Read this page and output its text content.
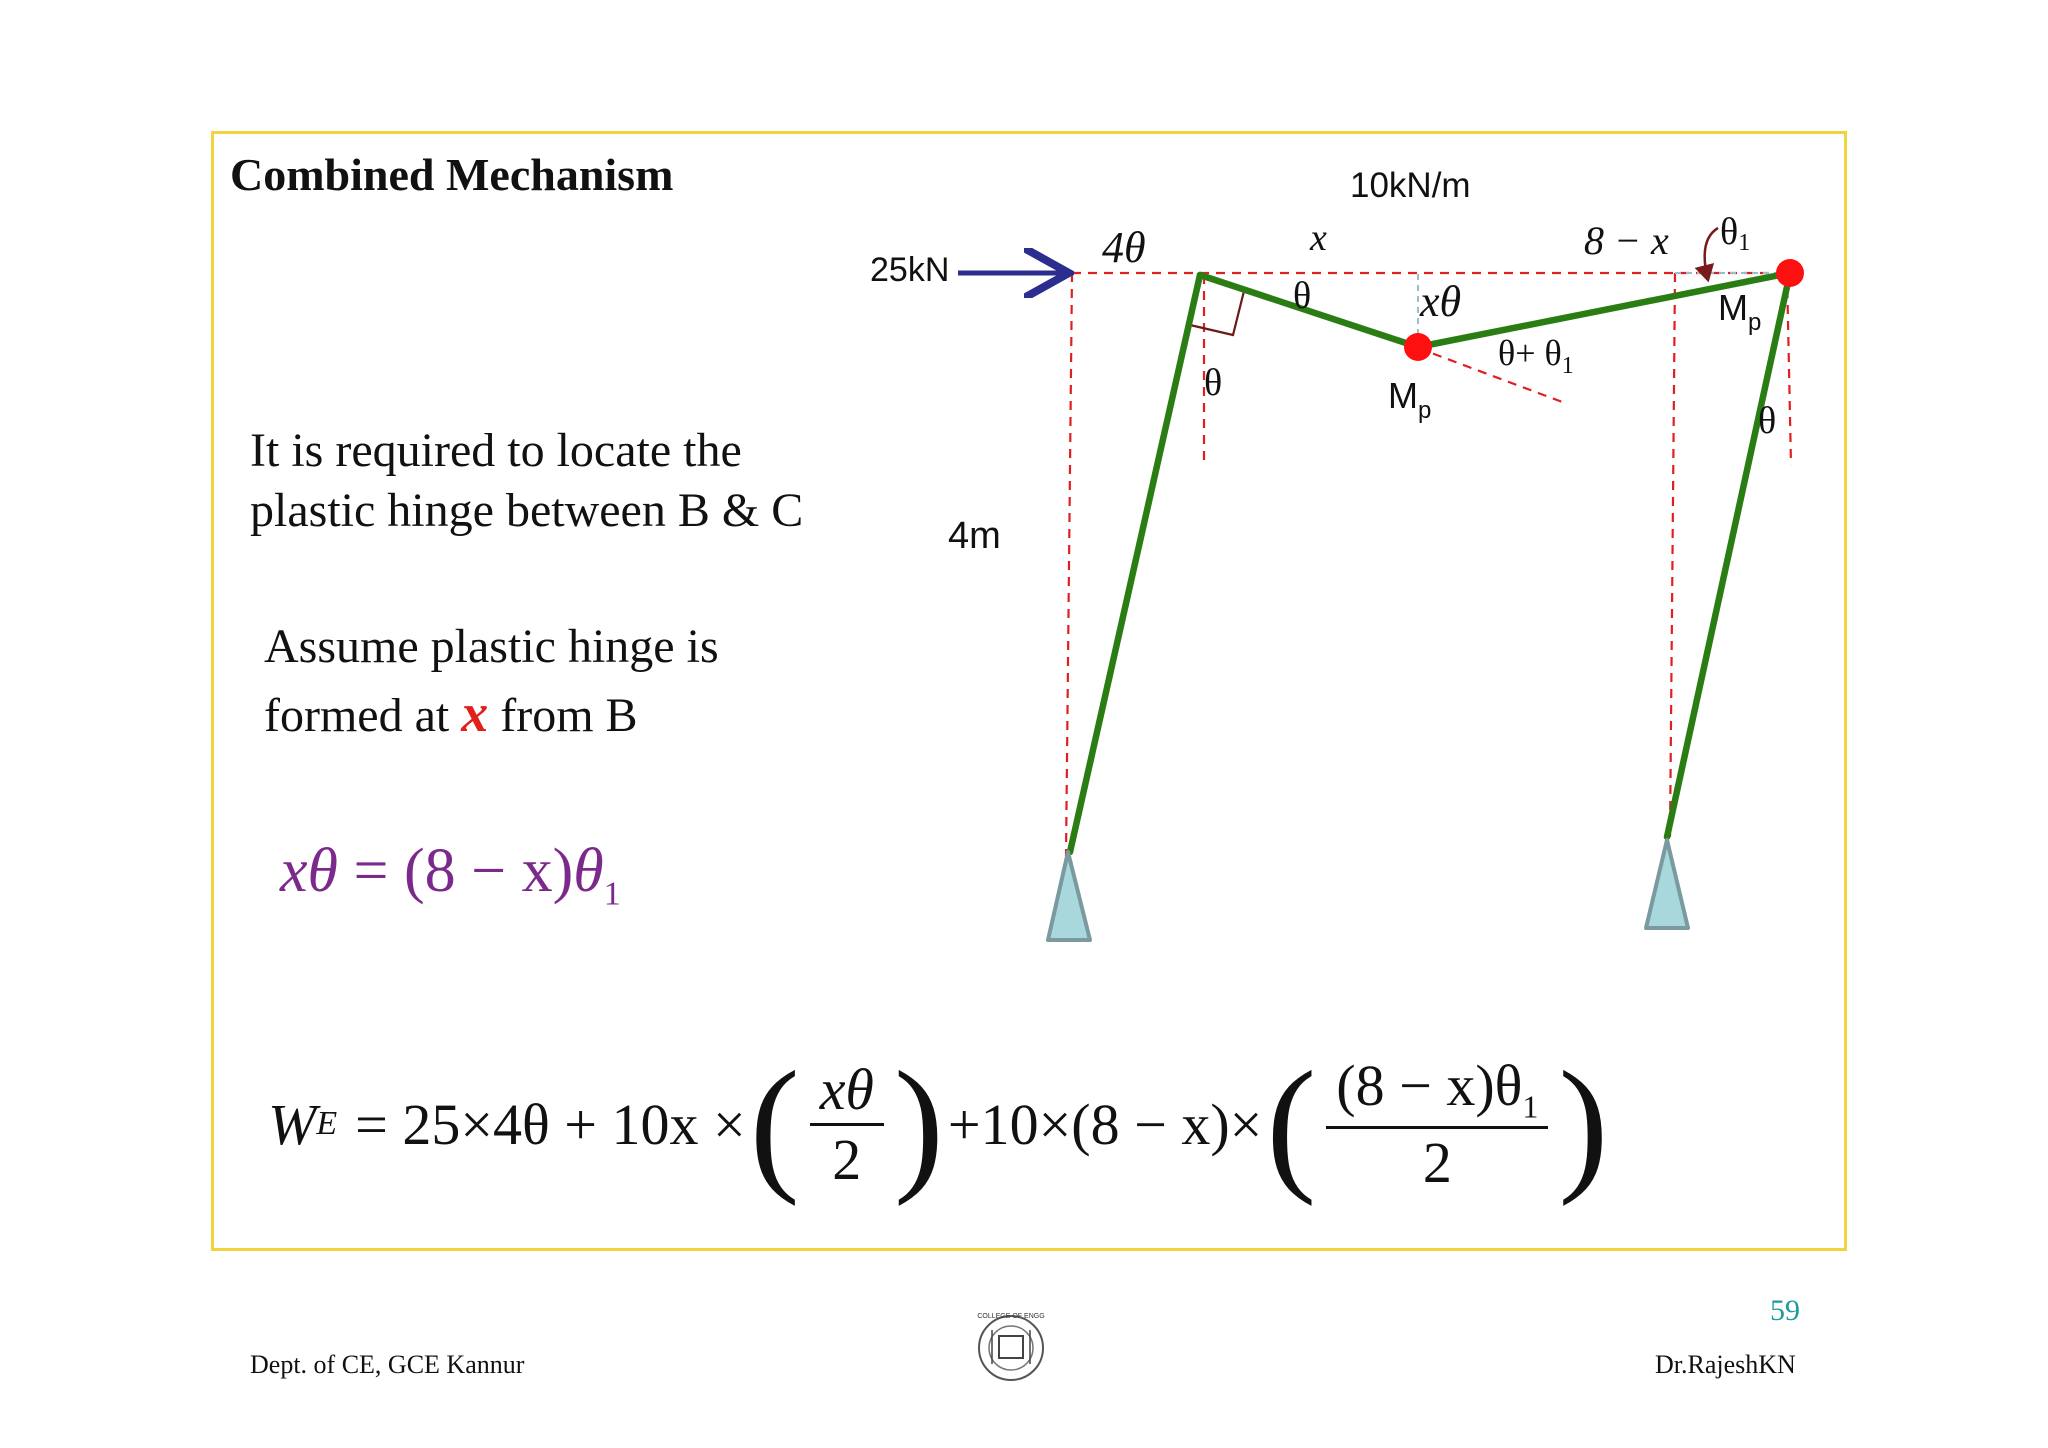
Combined Mechanism
It is required to locate the
plastic hinge between B & C
Assume plastic hinge is
formed at x from B
$x\theta = (8 - x)\theta_1$
W E = 25×4θ + 10x × ( xθ
2 ) +10×(8 − x)× ( $(8 - x)\theta_1$
2 )
25kN
10kN/m
4m
4θ	x	8 − x θ1
θ xθ
θ	$M_p$
$\theta+ \theta_1$
$M_p$
θ
COLLEGE OF ENGG
Dept. of CE, GCE Kannur	Dr.RajeshKN
59
